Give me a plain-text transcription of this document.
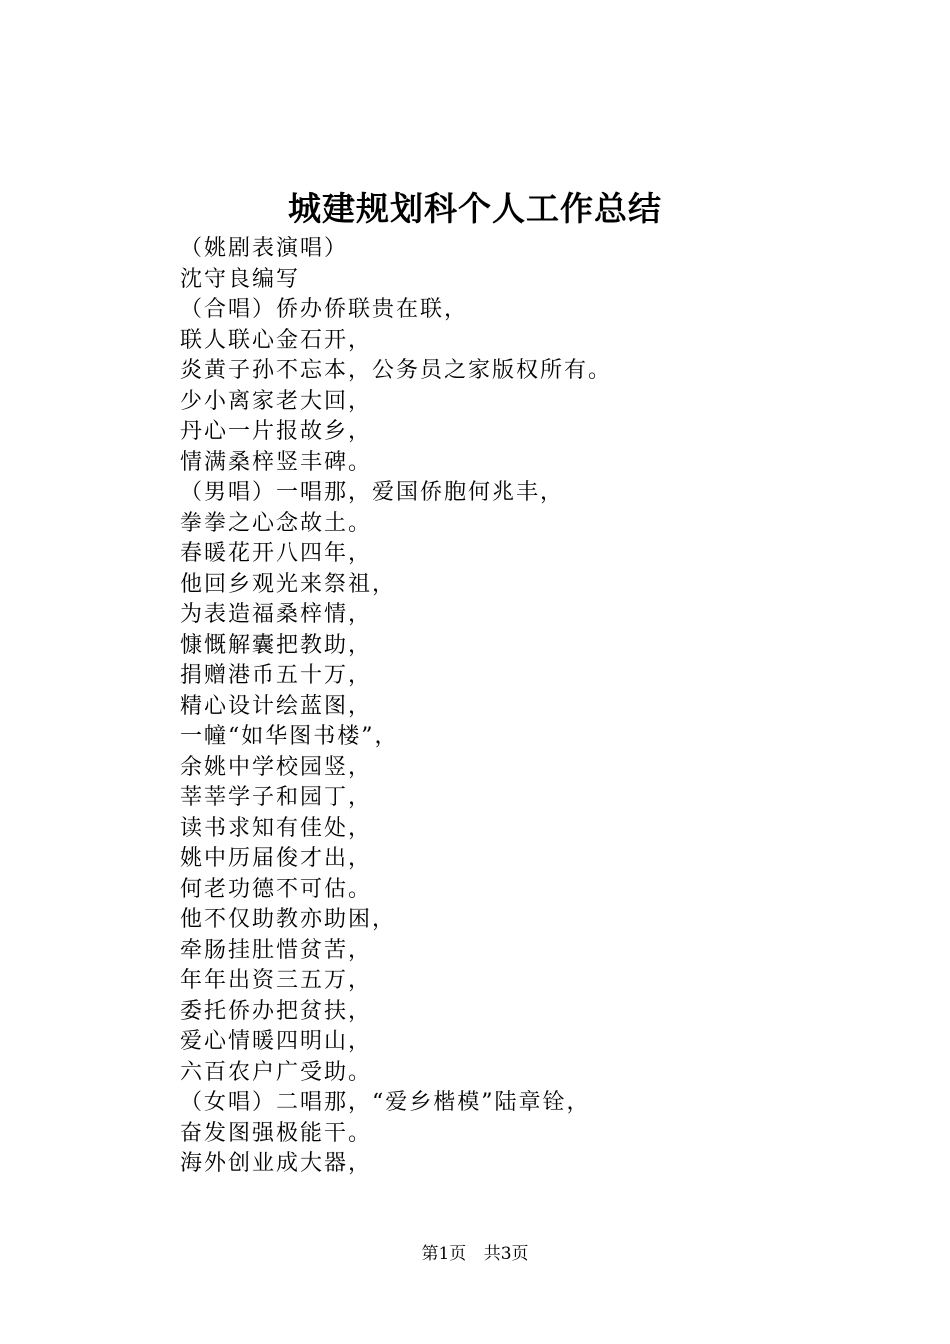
城建规划科个人工作总结
（姚剧表演唱）
沈守良编写
（合唱）侨办侨联贵在联，
联人联心金石开，
炎黄子孙不忘本，公务员之家版权所有。
少小离家老大回，
丹心一片报故乡，
情满桑梓竖丰碑。
（男唱）一唱那，爱国侨胞何兆丰，
拳拳之心念故土。
春暖花开八四年，
他回乡观光来祭祖，
为表造福桑梓情，
慷慨解囊把教助，
捐赠港币五十万，
精心设计绘蓝图，
一幢“如华图书楼”，
余姚中学校园竖，
莘莘学子和园丁，
读书求知有佳处，
姚中历届俊才出，
何老功德不可估。
他不仅助教亦助困，
牵肠挂肚惜贫苦，
年年出资三五万，
委托侨办把贫扶，
爱心情暖四明山，
六百农户广受助。
（女唱）二唱那，“爱乡楷模”陆章铨，
奋发图强极能干。
海外创业成大器，
第1页 共3页
